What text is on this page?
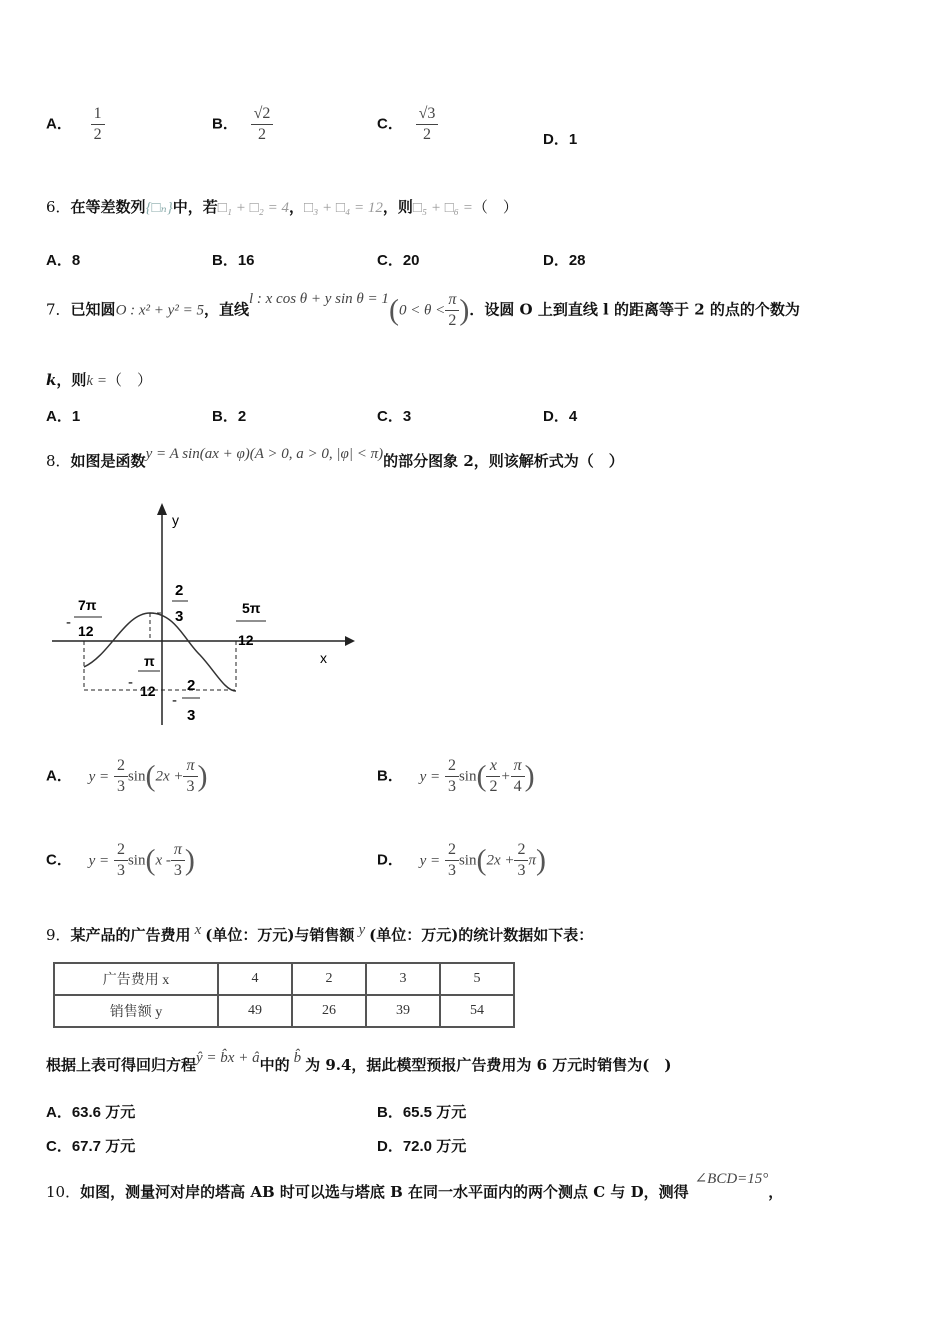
A． $\frac{1}{2}$	B． $\frac{√2}{2}$	C． $\frac{√3}{2}$	D．1
6．在等差数列{□ₙ}中，若□₁ + □₂ = 4，□₃ + □₄ = 12，则□₅ + □₆ =（　）
A．8	B．16	C．20	D．28
7．已知圆O : x² + y² = 5，直线l : x cos θ + y $\sin \theta = 1(0 < \theta < \frac{\pi}{2}$ )．设圆 O 上到直线 l 的距离等于 2 的点的个数为
k，则k =（　）
A．1	B．2	C．3	D．4
8．如图是函数y = A sin(ax + φ)(A > 0, a > 0, |φ| < π)的部分图象 2，则该解析式为（　）
y
x
2
3
-
7π
12
5π
12
π
- 12 2
-
3
A． $y = \frac{2}{3} \sin(2x + \frac{\pi}{3}$ )	B． $y = \frac{2}{3} \sin( \frac{x}{2} + \frac{\pi}{4}$ )
C． $y = \frac{2}{3} \sin(x - \frac{\pi}{3}$ )	D． $y = \frac{2}{3} \sin(2x + \frac{2}{3} \pi)$
9．某产品的广告费用 x (单位：万元)与销售额 y (单位：万元)的统计数据如下表：
广告费用 x	4	2	3	5
销售额 y	49	26	39	54
根据上表可得回归方程ŷ = b̂x + â中的 b̂ 为 9.4，据此模型预报广告费用为 6 万元时销售为(　)
A．63.6 万元	B．65.5 万元
C．67.7 万元	D．72.0 万元
10．如图，测量河对岸的塔高 AB 时可以选与塔底 B 在同一水平面内的两个测点 C 与 D，测得∠BCD=15°，
